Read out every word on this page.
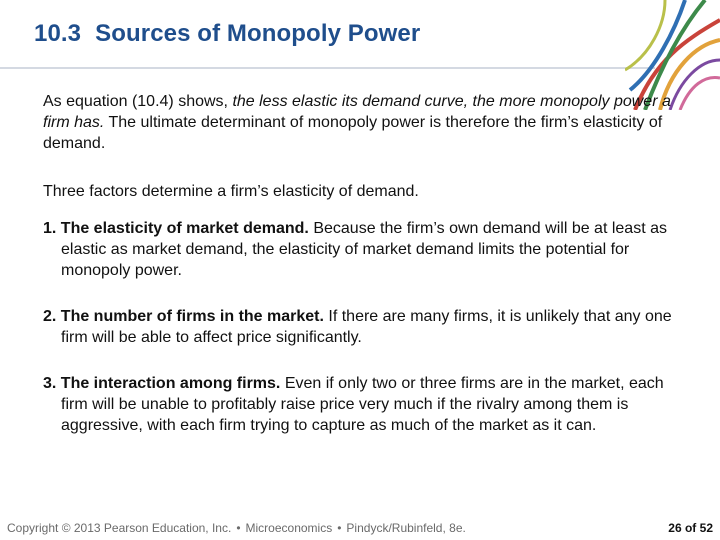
10.3 Sources of Monopoly Power

As equation (10.4) shows, the less elastic its demand curve, the more monopoly power a firm has. The ultimate determinant of monopoly power is therefore the firm’s elasticity of demand.

Three factors determine a firm’s elasticity of demand.

1. The elasticity of market demand. Because the firm’s own demand will be at least as elastic as market demand, the elasticity of market demand limits the potential for monopoly power.

2. The number of firms in the market. If there are many firms, it is unlikely that any one firm will be able to affect price significantly.

3. The interaction among firms. Even if only two or three firms are in the market, each firm will be unable to profitably raise price very much if the rivalry among them is aggressive, with each firm trying to capture as much of the market as it can.

Copyright © 2013 Pearson Education, Inc. • Microeconomics • Pindyck/Rubinfeld, 8e.	26 of 52
